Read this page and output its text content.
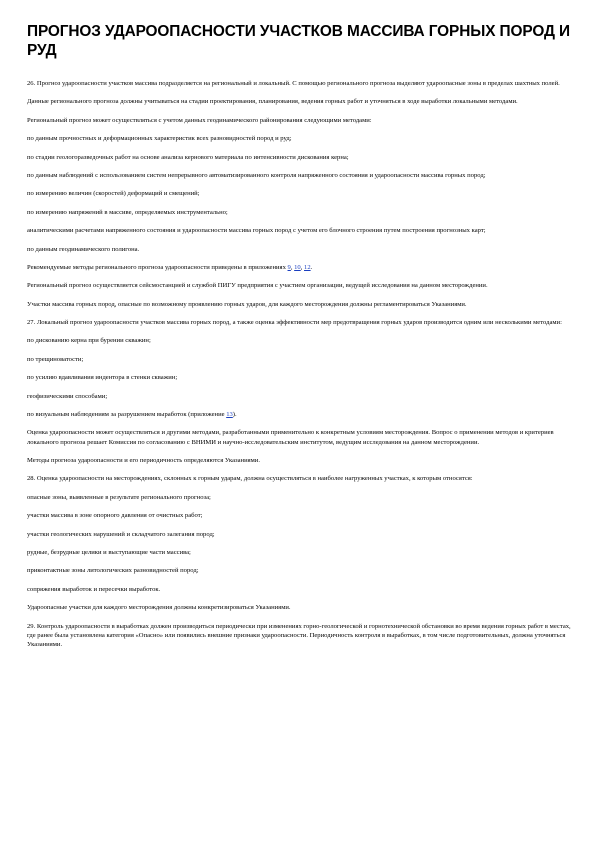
ПРОГНОЗ УДАРООПАСНОСТИ УЧАСТКОВ МАССИВА ГОРНЫХ ПОРОД И РУД

26. Прогноз удароопасности участков массива подразделяется на региональный и локальный. С помощью регионального прогноза выделяют удароопасные зоны в пределах шахтных полей.

Данные регионального прогноза должны учитываться на стадии проектирования, планирования, ведения горных работ и уточняться в ходе выработки локальными методами.

Региональный прогноз может осуществляться с учетом данных геодинамического районирования следующими методами:

по данным прочностных и деформационных характеристик всех разновидностей пород и руд;

по стадии геологоразведочных работ на основе анализа кернового материала по интенсивности дискования керна;

по данным наблюдений с использованием систем непрерывного автоматизированного контроля напряженного состояния и удароопасности массива горных пород;

по измерению величин (скоростей) деформаций и смещений;

по измерению напряжений в массиве, определяемых инструментально;

аналитическими расчетами напряженного состояния и удароопасности массива горных пород с учетом его блочного строения путем построения прогнозных карт;

по данным геодинамического полигона.

Рекомендуемые методы регионального прогноза удароопасности приведены в приложениях 9, 10, 12.

Региональный прогноз осуществляется сейсмостанцией и службой ПИГУ предприятия с участием организации, ведущей исследования на данном месторождении.

Участки массива горных пород, опасные по возможному проявлению горных ударов, для каждого месторождения должны регламентироваться Указаниями.

27. Локальный прогноз удароопасности участков массива горных пород, а также оценка эффективности мер предотвращения горных ударов производится одним или несколькими методами:

по дискованию керна при бурении скважин;

по трещиноватости;

по усилию вдавливания индентора в стенки скважин;

геофизическими способами;

по визуальным наблюдениям за разрушением выработок (приложение 13).

Оценка удароопасности может осуществляться и другими методами, разработанными применительно к конкретным условиям месторождения. Вопрос о применении методов и критериев локального прогноза решает Комиссия по согласованию с ВНИМИ и научно-исследовательским институтом, ведущим исследования на данном месторождении.

Методы прогноза удароопасности и его периодичность определяются Указаниями.

28. Оценка удароопасности на месторождениях, склонных к горным ударам, должна осуществляться в наиболее нагруженных участках, к которым относятся:

опасные зоны, выявленные в результате регионального прогноза;

участки массива в зоне опорного давления от очистных работ;

участки геологических нарушений и складчатого залегания пород;

рудные, безрудные целики и выступающие части массива;

приконтактные зоны литологических разновидностей пород;

сопряжения выработок и пересечки выработок.

Удароопасные участки для каждого месторождения должны конкретизироваться Указаниями.

29. Контроль удароопасности в выработках должен производиться периодически при изменениях горно-геологической и горнотехнической обстановки во время ведения горных работ в местах, где ранее была установлена категория «Опасно» или появились внешние признаки удароопасности. Периодичность контроля в выработках, в том числе подготовительных, должна уточняться Указаниями.
